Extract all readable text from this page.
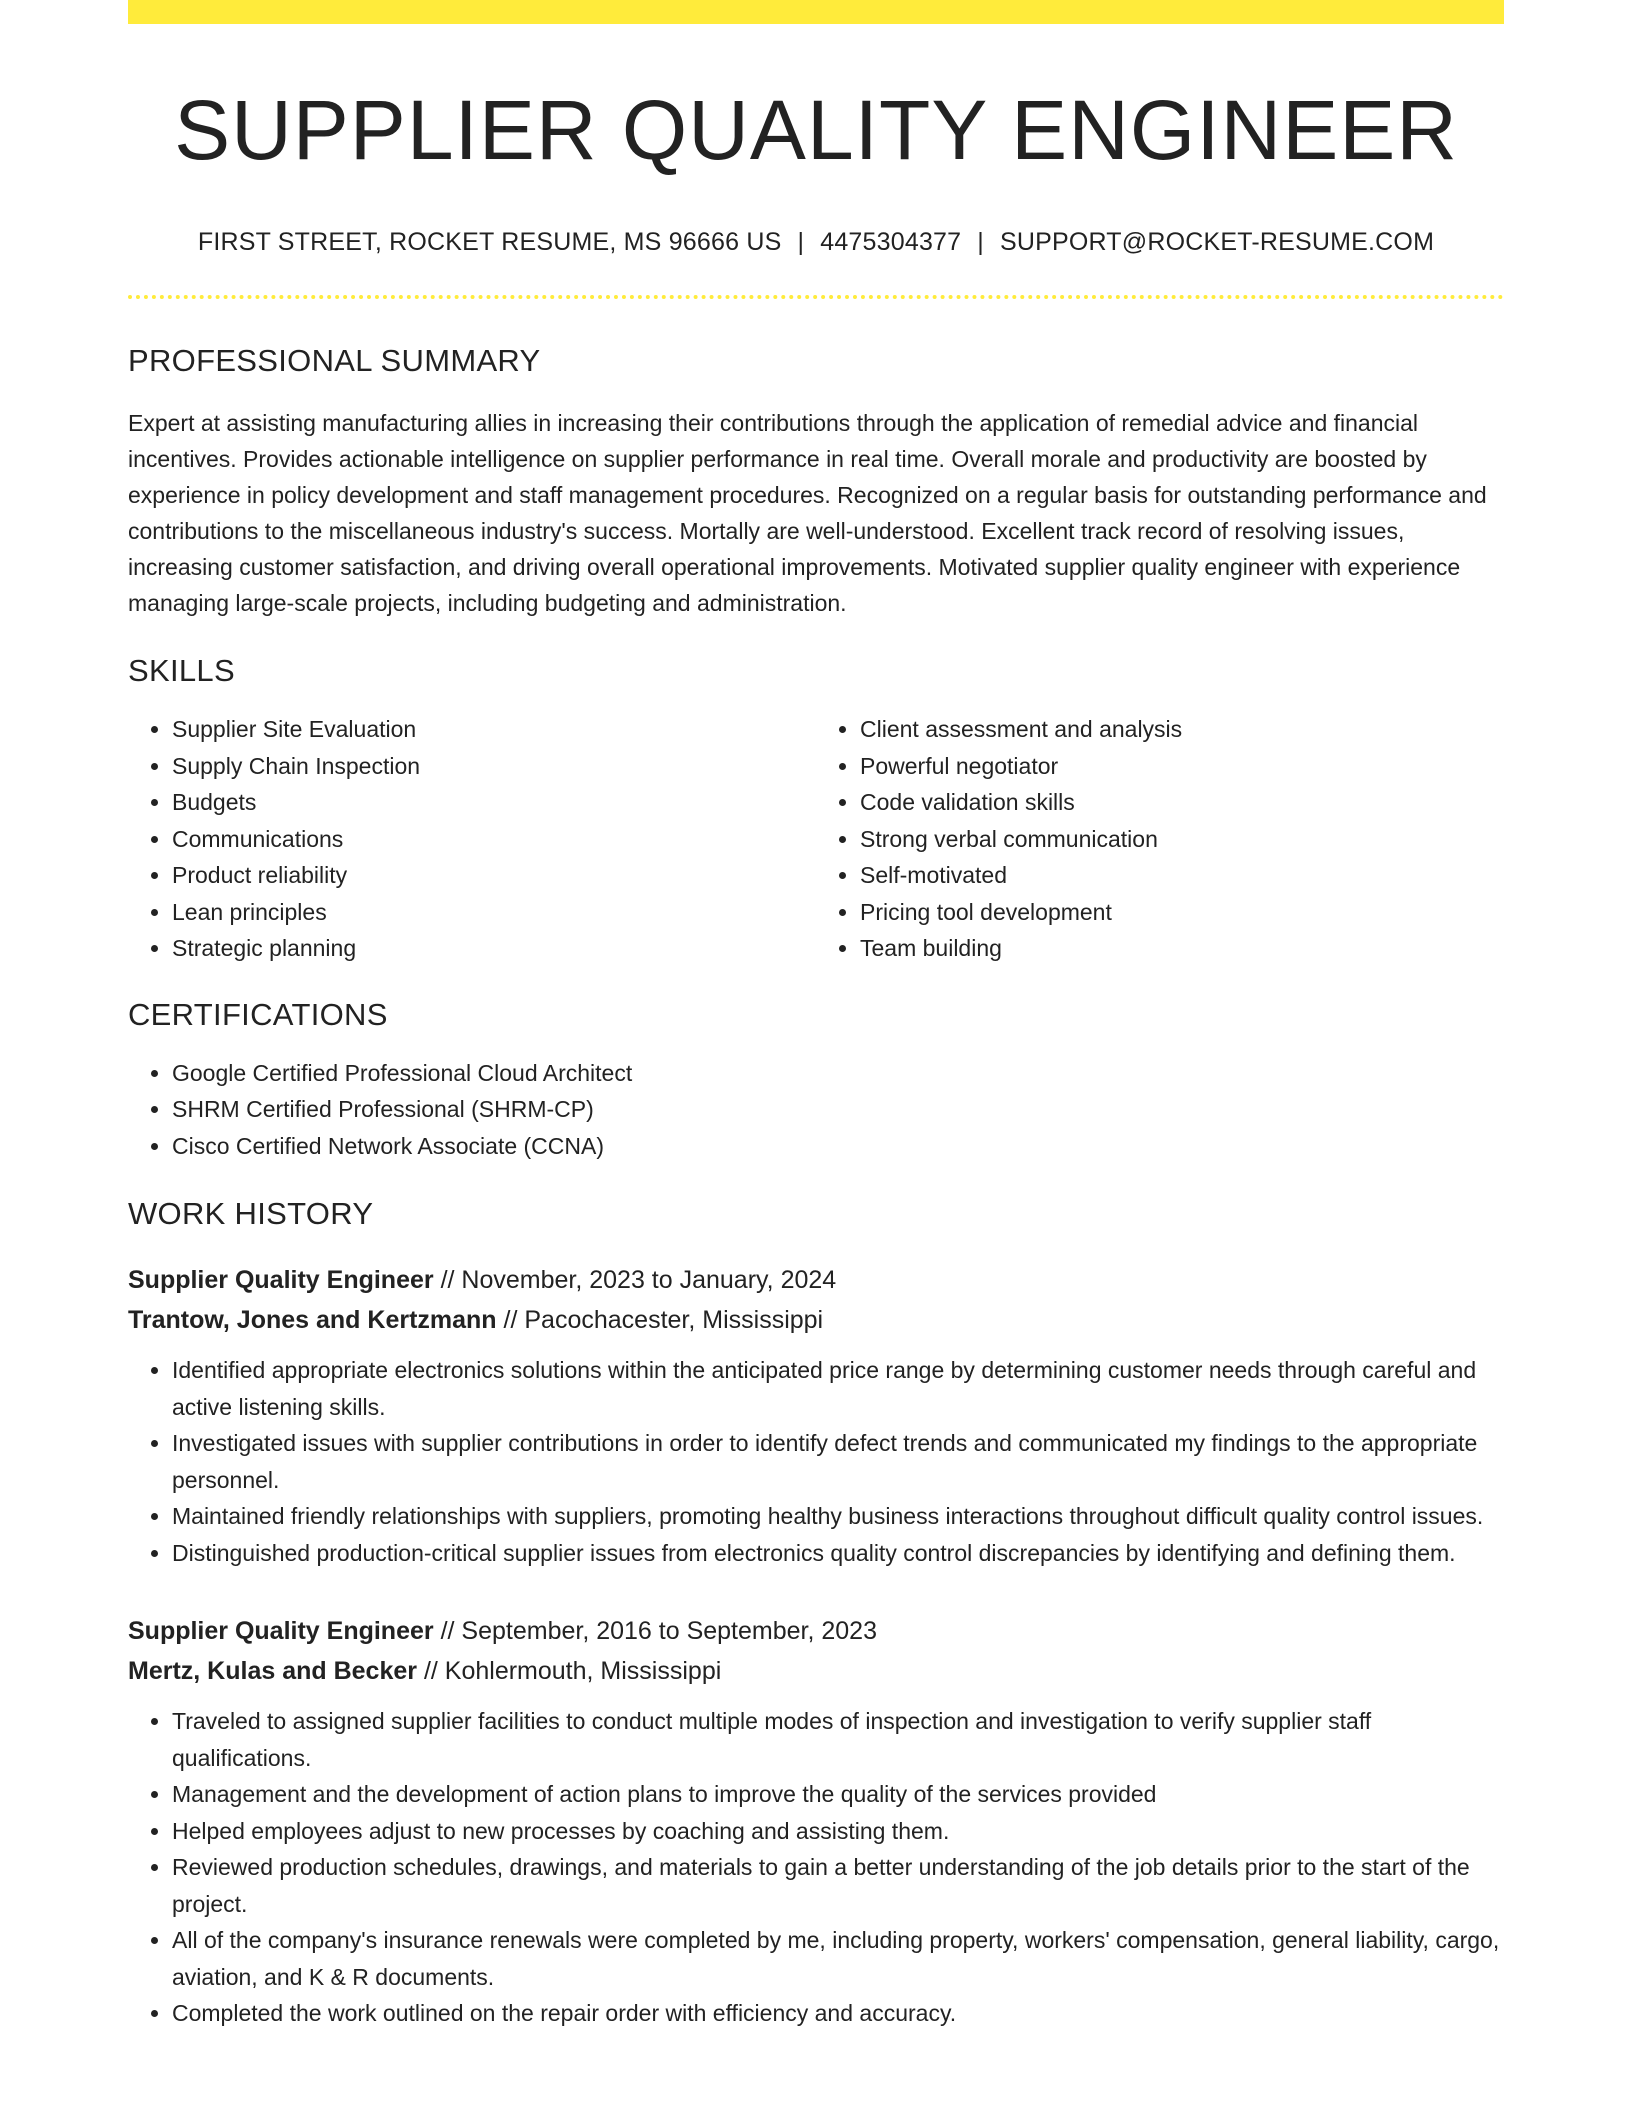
SUPPLIER QUALITY ENGINEER
FIRST STREET, ROCKET RESUME, MS 96666 US | 4475304377 | SUPPORT@ROCKET-RESUME.COM
PROFESSIONAL SUMMARY

Expert at assisting manufacturing allies in increasing their contributions through the application of remedial advice and financial incentives. Provides actionable intelligence on supplier performance in real time. Overall morale and productivity are boosted by experience in policy development and staff management procedures. Recognized on a regular basis for outstanding performance and contributions to the miscellaneous industry's success. Mortally are well-understood. Excellent track record of resolving issues, increasing customer satisfaction, and driving overall operational improvements. Motivated supplier quality engineer with experience managing large-scale projects, including budgeting and administration.

SKILLS
• Supplier Site Evaluation
• Supply Chain Inspection
• Budgets
• Communications
• Product reliability
• Lean principles
• Strategic planning
• Client assessment and analysis
• Powerful negotiator
• Code validation skills
• Strong verbal communication
• Self-motivated
• Pricing tool development
• Team building
CERTIFICATIONS
• Google Certified Professional Cloud Architect
• SHRM Certified Professional (SHRM-CP)
• Cisco Certified Network Associate (CCNA)
WORK HISTORY
Supplier Quality Engineer // November, 2023 to January, 2024
Trantow, Jones and Kertzmann // Pacochacester, Mississippi
• Identified appropriate electronics solutions within the anticipated price range by determining customer needs through careful and active listening skills.
• Investigated issues with supplier contributions in order to identify defect trends and communicated my findings to the appropriate personnel.
• Maintained friendly relationships with suppliers, promoting healthy business interactions throughout difficult quality control issues.
• Distinguished production-critical supplier issues from electronics quality control discrepancies by identifying and defining them.
Supplier Quality Engineer // September, 2016 to September, 2023
Mertz, Kulas and Becker // Kohlermouth, Mississippi
• Traveled to assigned supplier facilities to conduct multiple modes of inspection and investigation to verify supplier staff qualifications.
• Management and the development of action plans to improve the quality of the services provided
• Helped employees adjust to new processes by coaching and assisting them.
• Reviewed production schedules, drawings, and materials to gain a better understanding of the job details prior to the start of the project.
• All of the company's insurance renewals were completed by me, including property, workers' compensation, general liability, cargo, aviation, and K & R documents.
• Completed the work outlined on the repair order with efficiency and accuracy.
